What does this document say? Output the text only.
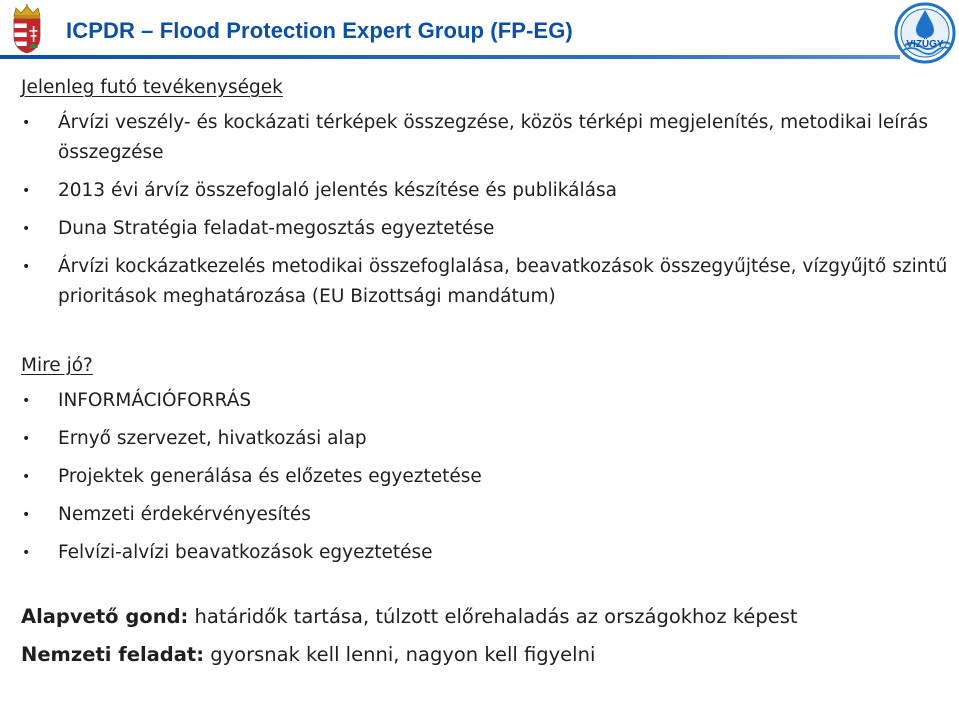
ICPDR – Flood Protection Expert Group (FP-EG)
VIZÜGY
Jelenleg futó tevékenységek
• Árvízi veszély- és kockázati térképek összegzése, közös térképi megjelenítés, metodikai leírás összegzése
• 2013 évi árvíz összefoglaló jelentés készítése és publikálása
• Duna Stratégia feladat-megosztás egyeztetése
• Árvízi kockázatkezelés metodikai összefoglalása, beavatkozások összegyűjtése, vízgyűjtő szintű prioritások meghatározása (EU Bizottsági mandátum)
Mire jó?
• INFORMÁCIÓFORRÁS
• Ernyő szervezet, hivatkozási alap
• Projektek generálása és előzetes egyeztetése
• Nemzeti érdekérvényesítés
• Felvízi-alvízi beavatkozások egyeztetése

Alapvető gond: határidők tartása, túlzott előrehaladás az országokhoz képest

Nemzeti feladat: gyorsnak kell lenni, nagyon kell figyelni
